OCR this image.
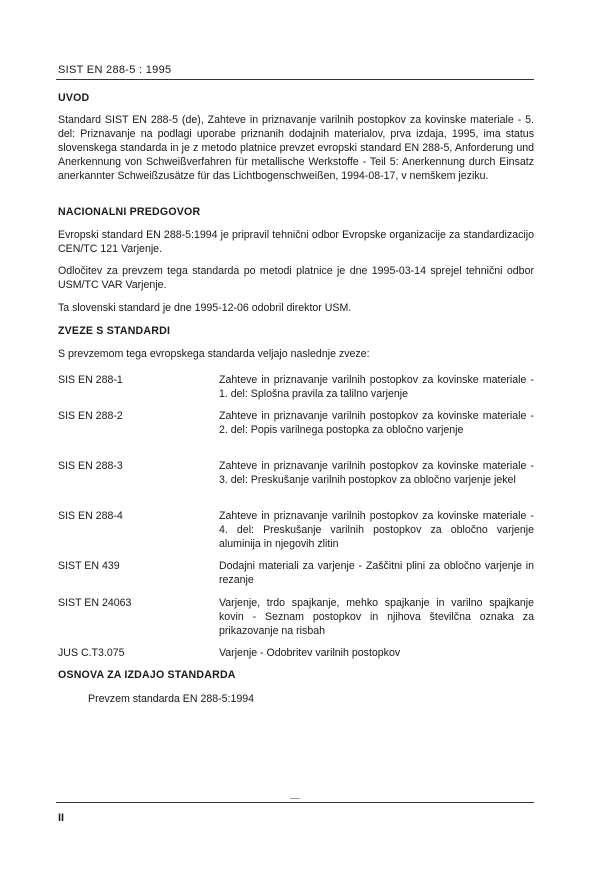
SIST EN 288-5 : 1995
UVOD
Standard SIST EN 288-5 (de), Zahteve in priznavanje varilnih postopkov za kovinske materiale - 5. del: Priznavanje na podlagi uporabe priznanih dodajnih materialov, prva izdaja, 1995, ima status slovenskega standarda in je z metodo platnice prevzet evropski standard EN 288-5, Anforderung und Anerkennung von Schweißverfahren für metallische Werkstoffe - Teil 5: Anerkennung durch Einsatz anerkannter Schweißzusätze für das Lichtbogenschweißen, 1994-08-17, v nemškem jeziku.
NACIONALNI PREDGOVOR
Evropski standard EN 288-5:1994 je pripravil tehnični odbor Evropske organizacije za standardizacijo CEN/TC 121 Varjenje.
Odločitev za prevzem tega standarda po metodi platnice je dne 1995-03-14 sprejel tehnični odbor USM/TC VAR Varjenje.
Ta slovenski standard je dne 1995-12-06 odobril direktor USM.
ZVEZE S STANDARDI
S prevzemom tega evropskega standarda veljajo naslednje zveze:
SIS EN 288-1	Zahteve in priznavanje varilnih postopkov za kovinske materiale - 1. del: Splošna pravila za talilno varjenje
SIS EN 288-2	Zahteve in priznavanje varilnih postopkov za kovinske materiale - 2. del: Popis varilnega postopka za obločno varjenje
SIS EN 288-3	Zahteve in priznavanje varilnih postopkov za kovinske materiale - 3. del: Preskušanje varilnih postopkov za obločno varjenje jekel
SIS EN 288-4	Zahteve in priznavanje varilnih postopkov za kovinske materiale - 4. del: Preskušanje varilnih postopkov za obločno varjenje aluminija in njegovih zlitin
SIST EN 439	Dodajni materiali za varjenje - Zaščitni plini za obločno varjenje in rezanje
SIST EN 24063	Varjenje, trdo spajkanje, mehko spajkanje in varilno spajkanje kovin - Seznam postopkov in njihova številčna oznaka za prikazovanje na risbah
JUS C.T3.075	Varjenje - Odobritev varilnih postopkov
OSNOVA ZA IZDAJO STANDARDA
Prevzem standarda EN 288-5:1994
II
